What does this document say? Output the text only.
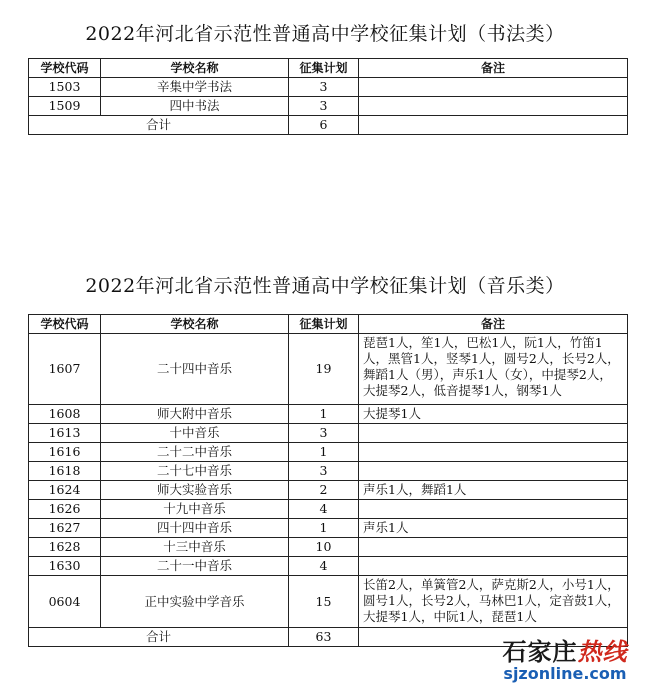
2022年河北省示范性普通高中学校征集计划（书法类）
学校代码	学校名称	征集计划	备注
1503	辛集中学书法	3	
1509	四中书法	3	
合计		6	
2022年河北省示范性普通高中学校征集计划（音乐类）
学校代码	学校名称	征集计划	备注
1607	二十四中音乐	19	琵琶1人，笙1人，巴松1人，阮1人，竹笛1人，黑管1人，竖琴1人，圆号2人，长号2人，舞蹈1人（男），声乐1人（女），中提琴2人，大提琴2人，低音提琴1人，钢琴1人
1608	师大附中音乐	1	大提琴1人
1613	十中音乐	3	
1616	二十二中音乐	1	
1618	二十七中音乐	3	
1624	师大实验音乐	2	声乐1人，舞蹈1人
1626	十九中音乐	4	
1627	四十四中音乐	1	声乐1人
1628	十三中音乐	10	
1630	二十一中音乐	4	
0604	正中实验中学音乐	15	长笛2人，单簧管2人，萨克斯2人，小号1人，圆号1人，长号2人，马林巴1人，定音鼓1人，大提琴1人，中阮1人，琵琶1人
合计		63	
石家庄热线
sjzonline.com
